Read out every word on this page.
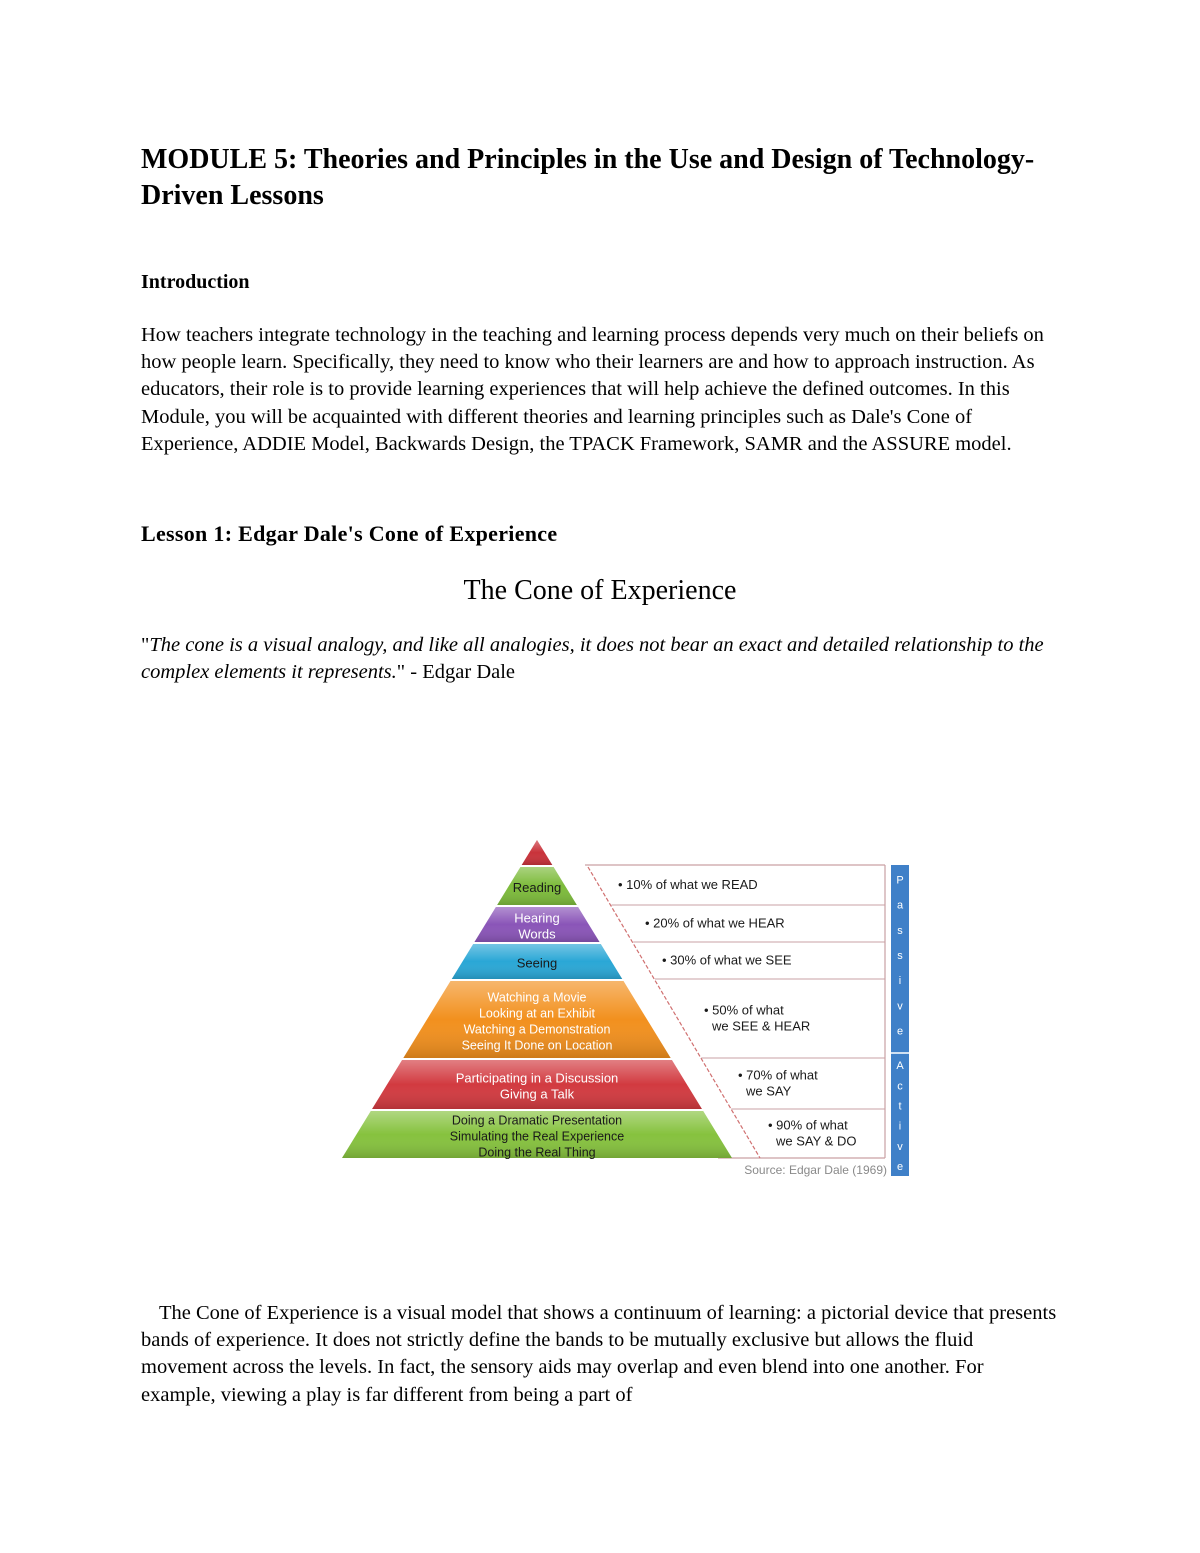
MODULE 5: Theories and Principles in the Use and Design of Technology-Driven Lessons
Introduction

How teachers integrate technology in the teaching and learning process depends very much on their beliefs on how people learn. Specifically, they need to know who their learners are and how to approach instruction. As educators, their role is to provide learning experiences that will help achieve the defined outcomes. In this Module, you will be acquainted with different theories and learning principles such as Dale's Cone of Experience, ADDIE Model, Backwards Design, the TPACK Framework, SAMR and the ASSURE model.

Lesson 1: Edgar Dale's Cone of Experience
The Cone of Experience

"The cone is a visual analogy, and like all analogies, it does not bear an exact and detailed relationship to the complex elements it represents." - Edgar Dale

The Cone of Experience is a visual model that shows a continuum of learning: a pictorial device that presents bands of experience. It does not strictly define the bands to be mutually exclusive but allows the fluid movement across the levels. In fact, the sensory aids may overlap and even blend into one another. For example, viewing a play is far different from being a part of

Reading
Hearing
Words
Seeing
Watching a Movie
Looking at an Exhibit
Watching a Demonstration
Seeing It Done on Location
Participating in a Discussion
Giving a Talk
Doing a Dramatic Presentation
Simulating the Real Experience
Doing the Real Thing
• 10% of what we READ
• 20% of what we HEAR
• 30% of what we SEE
• 50% of what
we SEE & HEAR
• 70% of what
we SAY
• 90% of what
we SAY & DO
P a s s i v e
A c t i v e
Source: Edgar Dale (1969)
